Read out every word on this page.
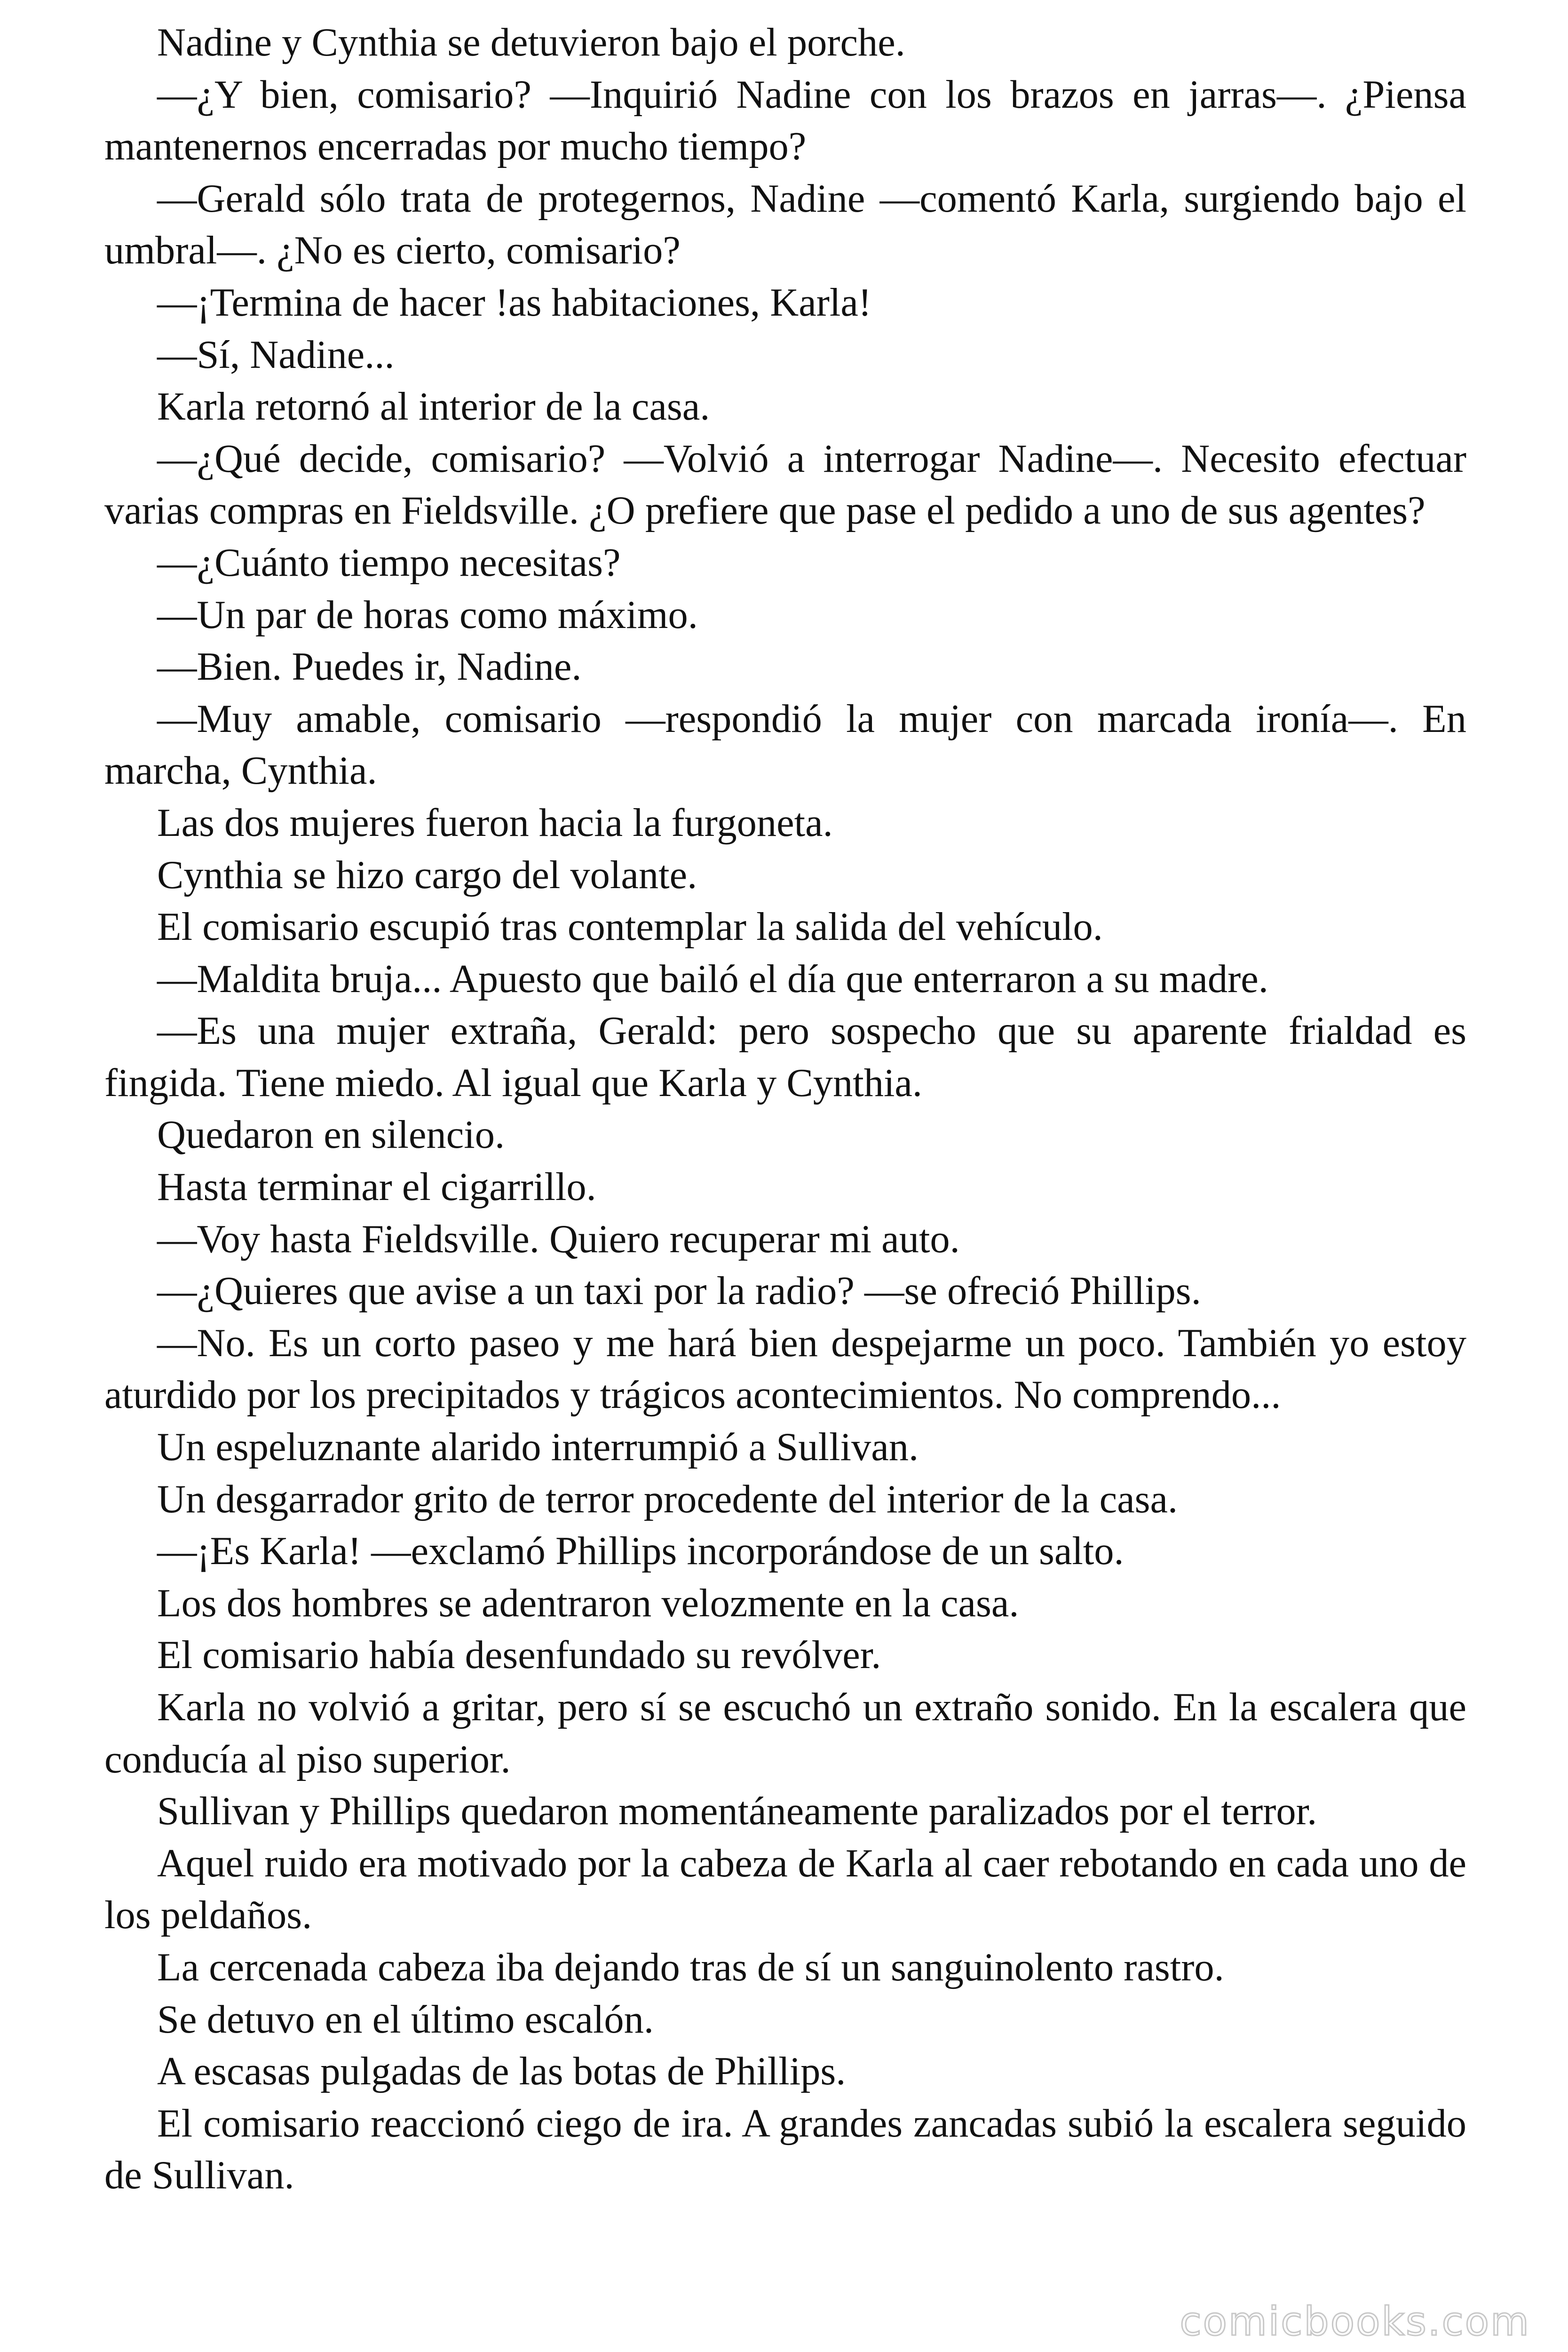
Nadine y Cynthia se detuvieron bajo el porche.

—¿Y bien, comisario? —Inquirió Nadine con los brazos en jarras—. ¿Piensa mantenernos encerradas por mucho tiempo?

—Gerald sólo trata de protegernos, Nadine —comentó Karla, surgiendo bajo el umbral—. ¿No es cierto, comisario?

—¡Termina de hacer !as habitaciones, Karla!

—Sí, Nadine...

Karla retornó al interior de la casa.

—¿Qué decide, comisario? —Volvió a interrogar Nadine—. Necesito efectuar varias compras en Fieldsville. ¿O prefiere que pase el pedido a uno de sus agentes?

—¿Cuánto tiempo necesitas?

—Un par de horas como máximo.

—Bien. Puedes ir, Nadine.

—Muy amable, comisario —respondió la mujer con marcada ironía—. En marcha, Cynthia.

Las dos mujeres fueron hacia la furgoneta.

Cynthia se hizo cargo del volante.

El comisario escupió tras contemplar la salida del vehículo.

—Maldita bruja... Apuesto que bailó el día que enterraron a su madre.

—Es una mujer extraña, Gerald: pero sospecho que su aparente frialdad es fingida. Tiene miedo. Al igual que Karla y Cynthia.

Quedaron en silencio.

Hasta terminar el cigarrillo.

—Voy hasta Fieldsville. Quiero recuperar mi auto.

—¿Quieres que avise a un taxi por la radio? —se ofreció Phillips.

—No. Es un corto paseo y me hará bien despejarme un poco. También yo estoy aturdido por los precipitados y trágicos acontecimientos. No comprendo...

Un espeluznante alarido interrumpió a Sullivan.

Un desgarrador grito de terror procedente del interior de la casa.

—¡Es Karla! —exclamó Phillips incorporándose de un salto.

Los dos hombres se adentraron velozmente en la casa.

El comisario había desenfundado su revólver.

Karla no volvió a gritar, pero sí se escuchó un extraño sonido. En la escalera que conducía al piso superior.

Sullivan y Phillips quedaron momentáneamente paralizados por el terror.

Aquel ruido era motivado por la cabeza de Karla al caer rebotando en cada uno de los peldaños.

La cercenada cabeza iba dejando tras de sí un sanguinolento rastro.

Se detuvo en el último escalón.

A escasas pulgadas de las botas de Phillips.

El comisario reaccionó ciego de ira. A grandes zancadas subió la escalera seguido de Sullivan.

comicbooks.com
